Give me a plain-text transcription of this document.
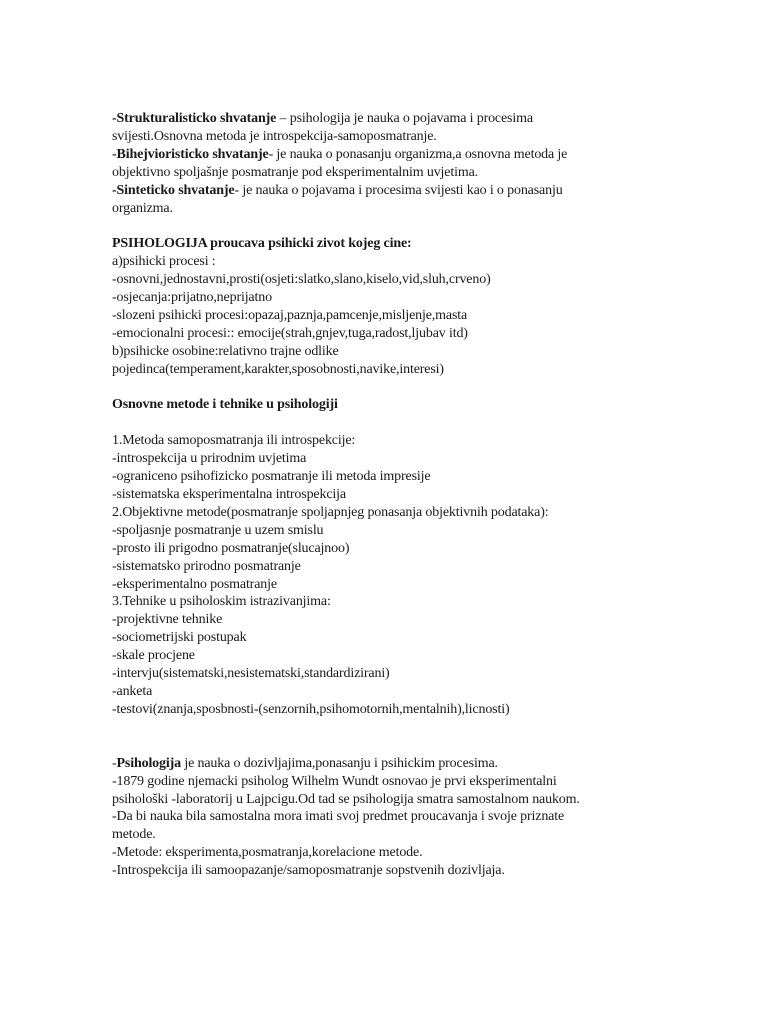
-Strukturalisticko shvatanje – psihologija je nauka o pojavama i procesima
svijesti.Osnovna metoda je introspekcija-samoposmatranje.
-Bihejvioristicko shvatanje- je nauka o ponasanju organizma,a osnovna metoda je
objektivno spoljašnje posmatranje pod eksperimentalnim uvjetima.
-Sinteticko shvatanje- je nauka o pojavama i procesima svijesti kao i o ponasanju
organizma.
PSIHOLOGIJA proucava psihicki zivot kojeg cine:
a)psihicki procesi :
-osnovni,jednostavni,prosti(osjeti:slatko,slano,kiselo,vid,sluh,crveno)
-osjecanja:prijatno,neprijatno
-slozeni psihicki procesi:opazaj,paznja,pamcenje,misljenje,masta
-emocionalni procesi:: emocije(strah,gnjev,tuga,radost,ljubav itd)
b)psihicke osobine:relativno trajne odlike
pojedinca(temperament,karakter,sposobnosti,navike,interesi)
Osnovne metode i tehnike u psihologiji
1.Metoda samoposmatranja ili introspekcije:
-introspekcija u prirodnim uvjetima
-ograniceno psihofizicko posmatranje ili metoda impresije
-sistematska eksperimentalna introspekcija
2.Objektivne metode(posmatranje spoljapnjeg ponasanja objektivnih podataka):
-spoljasnje posmatranje u uzem smislu
-prosto ili prigodno posmatranje(slucajnoo)
-sistematsko prirodno posmatranje
-eksperimentalno posmatranje
3.Tehnike u psiholoskim istrazivanjima:
-projektivne tehnike
-sociometrijski postupak
-skale procjene
-intervju(sistematski,nesistematski,standardizirani)
-anketa
-testovi(znanja,sposbnosti-(senzornih,psihomotornih,mentalnih),licnosti)
-Psihologija je nauka o dozivljajima,ponasanju i psihickim procesima.
-1879 godine njemacki psiholog Wilhelm Wundt osnovao je prvi eksperimentalni
psihološki -laboratorij u Lajpcigu.Od tad se psihologija smatra samostalnom naukom.
-Da bi nauka bila samostalna mora imati svoj predmet proucavanja i svoje priznate
metode.
-Metode: eksperimenta,posmatranja,korelacione metode.
-Introspekcija ili samoopazanje/samoposmatranje sopstvenih dozivljaja.
